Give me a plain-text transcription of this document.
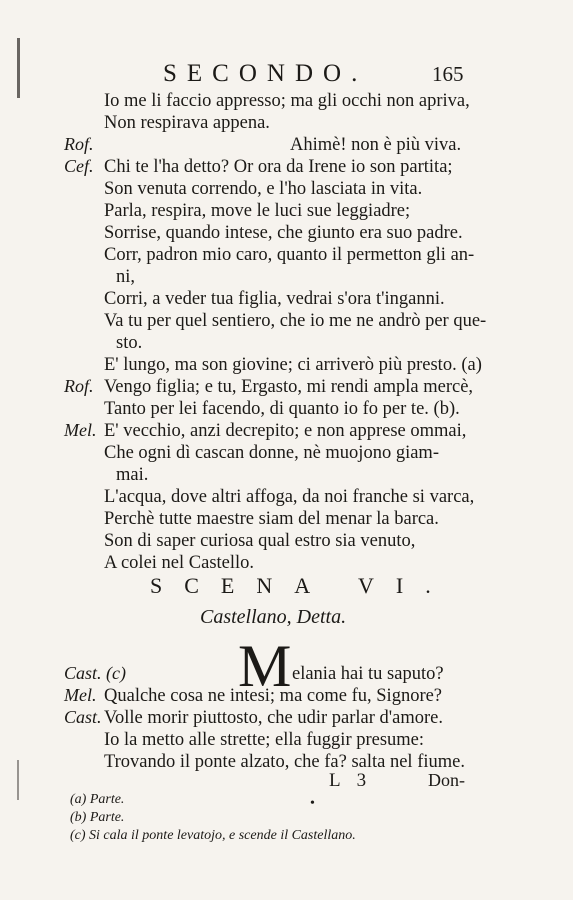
SECONDO.	165
Io me li faccio appresso; ma gli occhi non apriva,
Non respirava appena.
Rof.	Ahimè! non è più viva.
Cef. Chi te l'ha detto? Or ora da Irene io son partita;
Son venuta correndo, e l'ho lasciata in vita.
Parla, respira, move le luci sue leggiadre;
Sorrise, quando intese, che giunto era suo padre.
Corr, padron mio caro, quanto il permetton gli an-
ni,
Corri, a veder tua figlia, vedrai s'ora t'inganni.
Va tu per quel sentiero, che io me ne andrò per que-
sto.
E' lungo, ma son giovine; ci arriverò più presto. (a)
Rof. Vengo figlia; e tu, Ergasto, mi rendi ampla mercè,
Tanto per lei facendo, di quanto io fo per te. (b).
Mel. E' vecchio, anzi decrepito; e non apprese ommai,
Che ogni dì cascan donne, nè muojono giam-
mai.
L'acqua, dove altri affoga, da noi franche si varca,
Perchè tutte maestre siam del menar la barca.
Son di saper curiosa qual estro sia venuto,
A colei nel Castello.
SCENA VI.
Castellano, Detta.
M
Cast. (c)	elania hai tu saputo?
Mel. Qualche cosa ne intesi; ma come fu, Signore?
Cast. Volle morir piuttosto, che udir parlar d'amore.
Io la metto alle strette; ella fuggir presume:
Trovando il ponte alzato, che fa? salta nel fiume.
L 3	Don-
•
(a) Parte.
(b) Parte.
(c) Si cala il ponte levatojo, e scende il Castellano.
